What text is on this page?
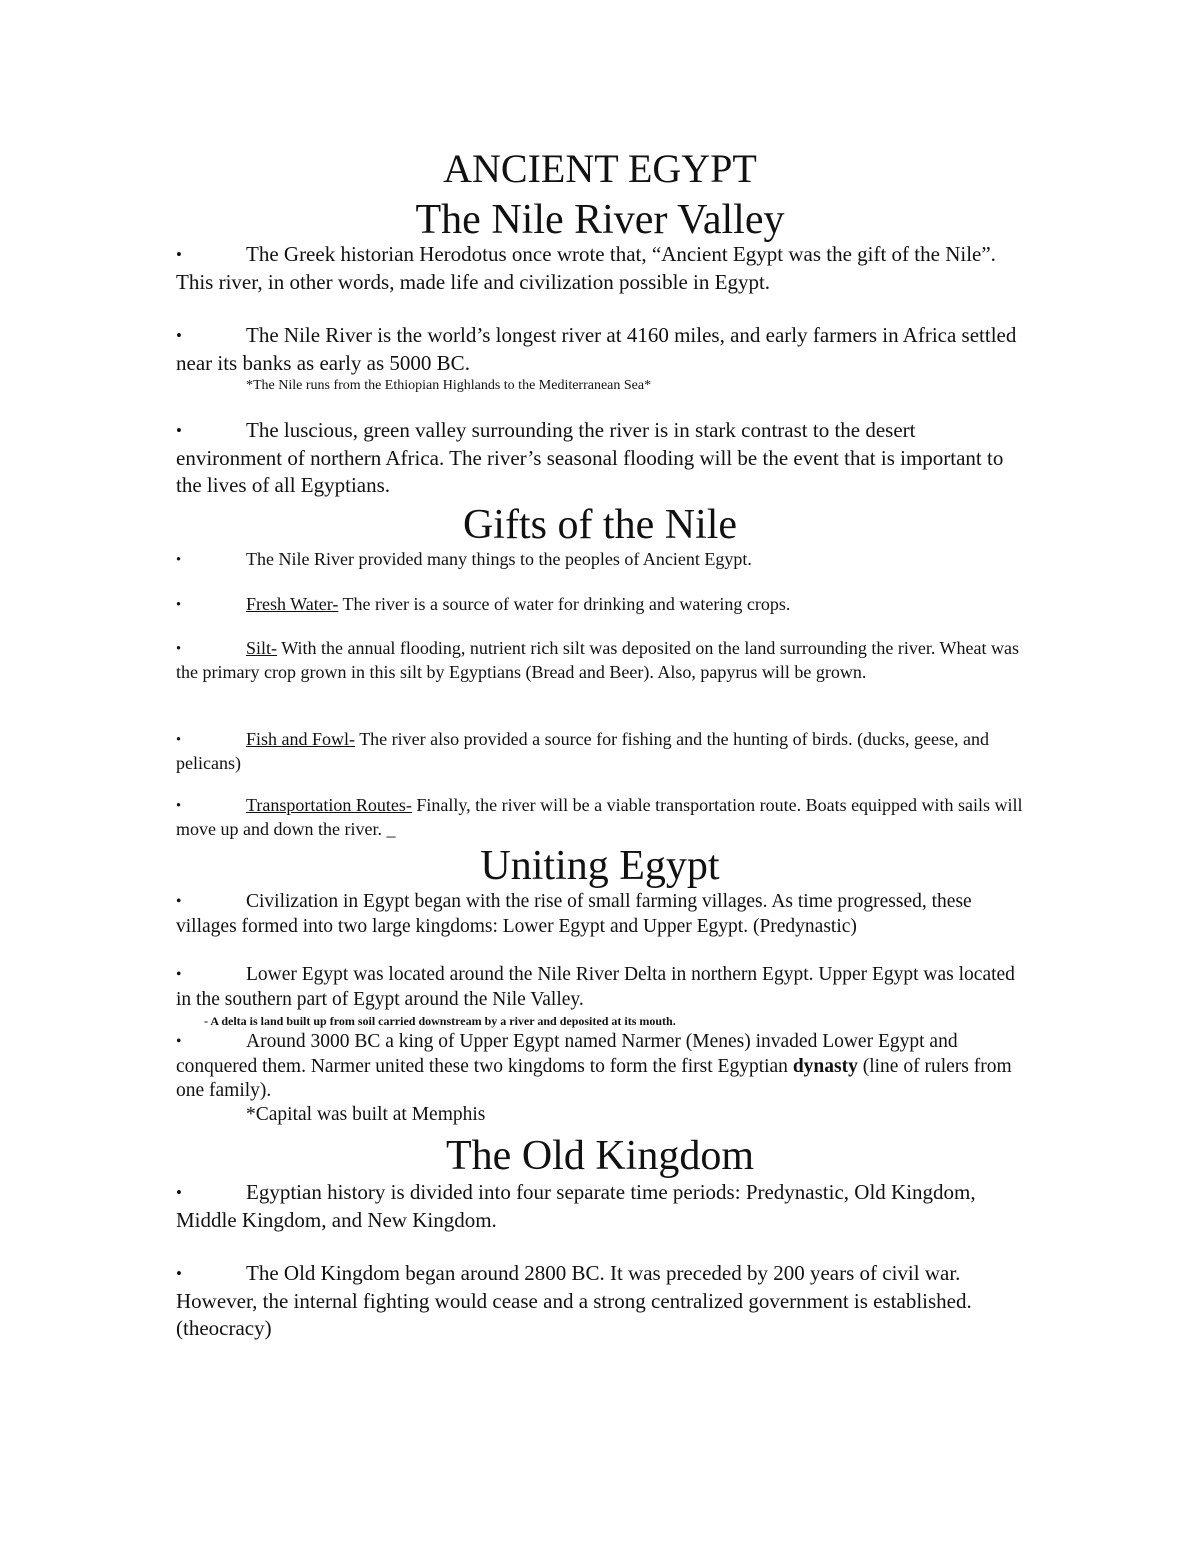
ANCIENT EGYPT
The Nile River Valley

•	The Greek historian Herodotus once wrote that, “Ancient Egypt was the gift of the Nile”. This river, in other words, made life and civilization possible in Egypt.

•	The Nile River is the world’s longest river at 4160 miles, and early farmers in Africa settled near its banks as early as 5000 BC.

*The Nile runs from the Ethiopian Highlands to the Mediterranean Sea*

•	The luscious, green valley surrounding the river is in stark contrast to the desert environment of northern Africa. The river’s seasonal flooding will be the event that is important to the lives of all Egyptians.

Gifts of the Nile

•	The Nile River provided many things to the peoples of Ancient Egypt.

•	Fresh Water- The river is a source of water for drinking and watering crops.

•	Silt- With the annual flooding, nutrient rich silt was deposited on the land surrounding the river. Wheat was the primary crop grown in this silt by Egyptians (Bread and Beer). Also, papyrus will be grown.

•	Fish and Fowl- The river also provided a source for fishing and the hunting of birds. (ducks, geese, and pelicans)

•	Transportation Routes- Finally, the river will be a viable transportation route. Boats equipped with sails will move up and down the river. _

Uniting Egypt

•	Civilization in Egypt began with the rise of small farming villages. As time progressed, these villages formed into two large kingdoms: Lower Egypt and Upper Egypt. (Predynastic)

•	Lower Egypt was located around the Nile River Delta in northern Egypt. Upper Egypt was located in the southern part of Egypt around the Nile Valley.

- A delta is land built up from soil carried downstream by a river and deposited at its mouth.

•	Around 3000 BC a king of Upper Egypt named Narmer (Menes) invaded Lower Egypt and conquered them. Narmer united these two kingdoms to form the first Egyptian dynasty (line of rulers from one family).

*Capital was built at Memphis

The Old Kingdom

•	Egyptian history is divided into four separate time periods: Predynastic, Old Kingdom, Middle Kingdom, and New Kingdom.

•	The Old Kingdom began around 2800 BC. It was preceded by 200 years of civil war. However, the internal fighting would cease and a strong centralized government is established. (theocracy)
